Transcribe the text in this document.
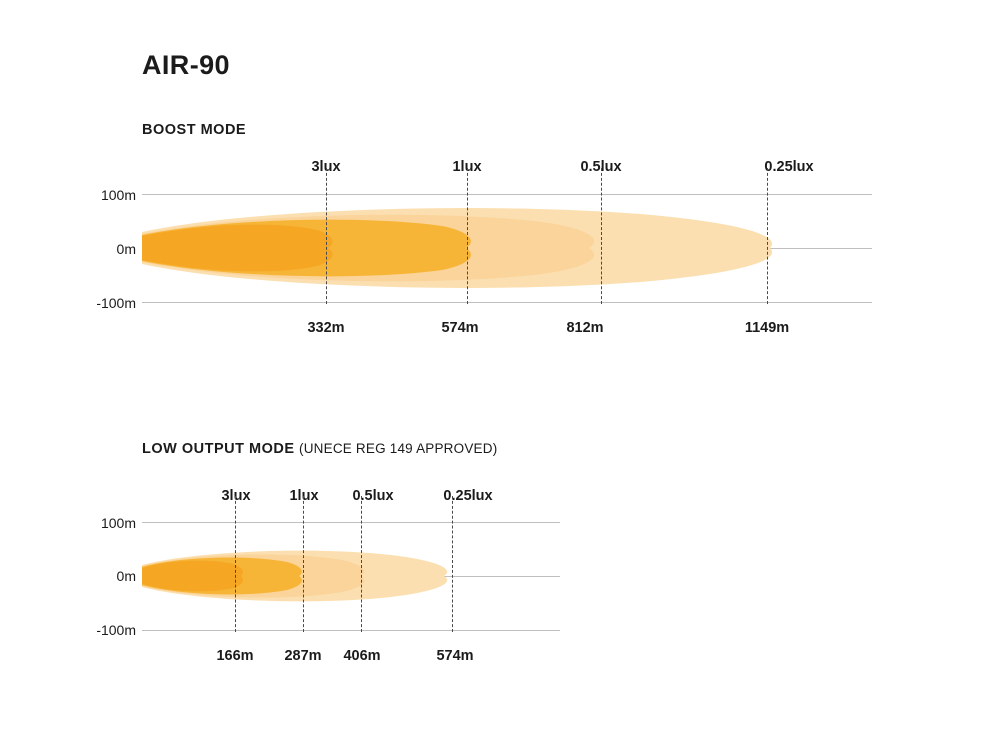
AIR-90
BOOST MODE
3lux	1lux	0.5lux	0.25lux
100m
0m
-100m
332m	574m	812m	1149m
LOW OUTPUT MODE (UNECE REG 149 APPROVED)
3lux	1lux 0.5lux	0.25lux
100m
0m
-100m
166m 287m 406m	574m
